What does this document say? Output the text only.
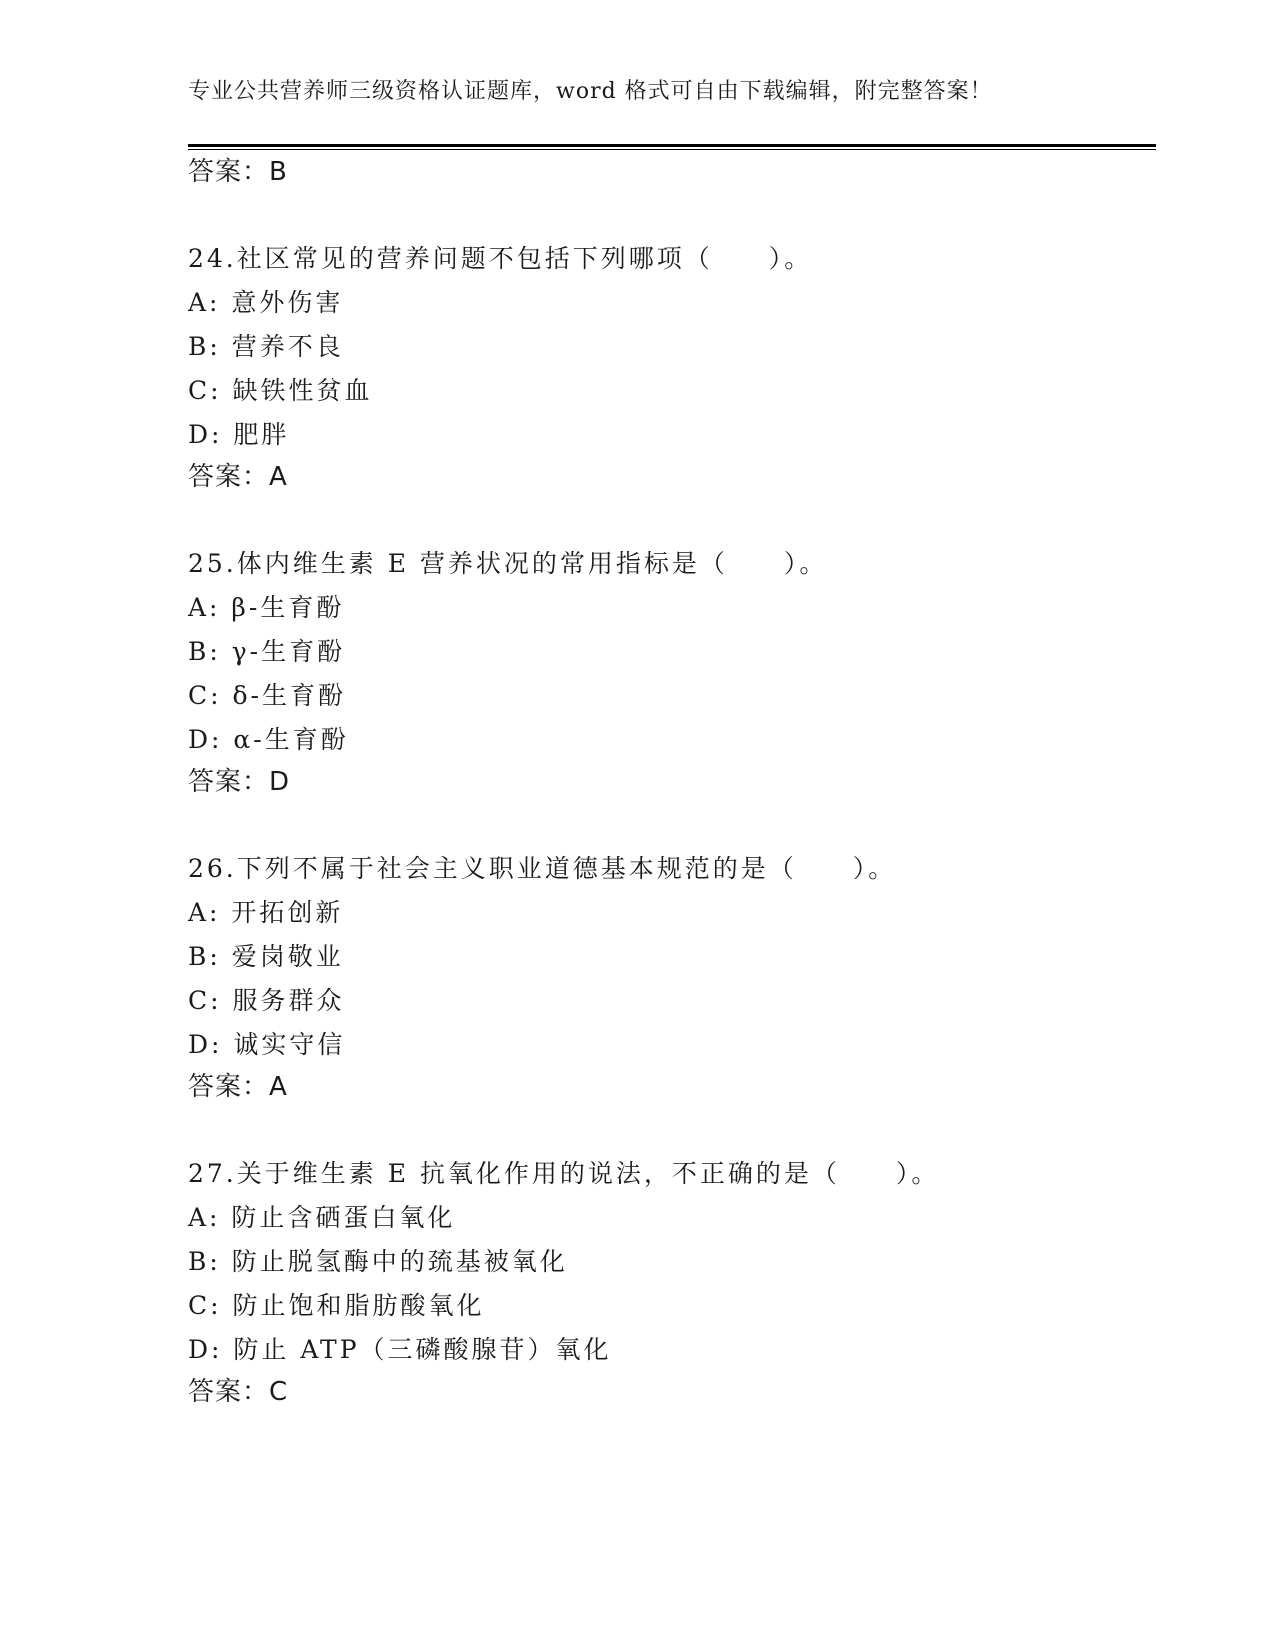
专业公共营养师三级资格认证题库，word 格式可自由下载编辑，附完整答案！
答案：B
24.社区常见的营养问题不包括下列哪项（　　）。
A: 意外伤害
B: 营养不良
C: 缺铁性贫血
D: 肥胖
答案：A
25.体内维生素 E 营养状况的常用指标是（　　）。
A: β-生育酚
B: γ-生育酚
C: δ-生育酚
D: α-生育酚
答案：D
26.下列不属于社会主义职业道德基本规范的是（　　）。
A: 开拓创新
B: 爱岗敬业
C: 服务群众
D: 诚实守信
答案：A
27.关于维生素 E 抗氧化作用的说法，不正确的是（　　）。
A: 防止含硒蛋白氧化
B: 防止脱氢酶中的巯基被氧化
C: 防止饱和脂肪酸氧化
D: 防止 ATP（三磷酸腺苷）氧化
答案：C
